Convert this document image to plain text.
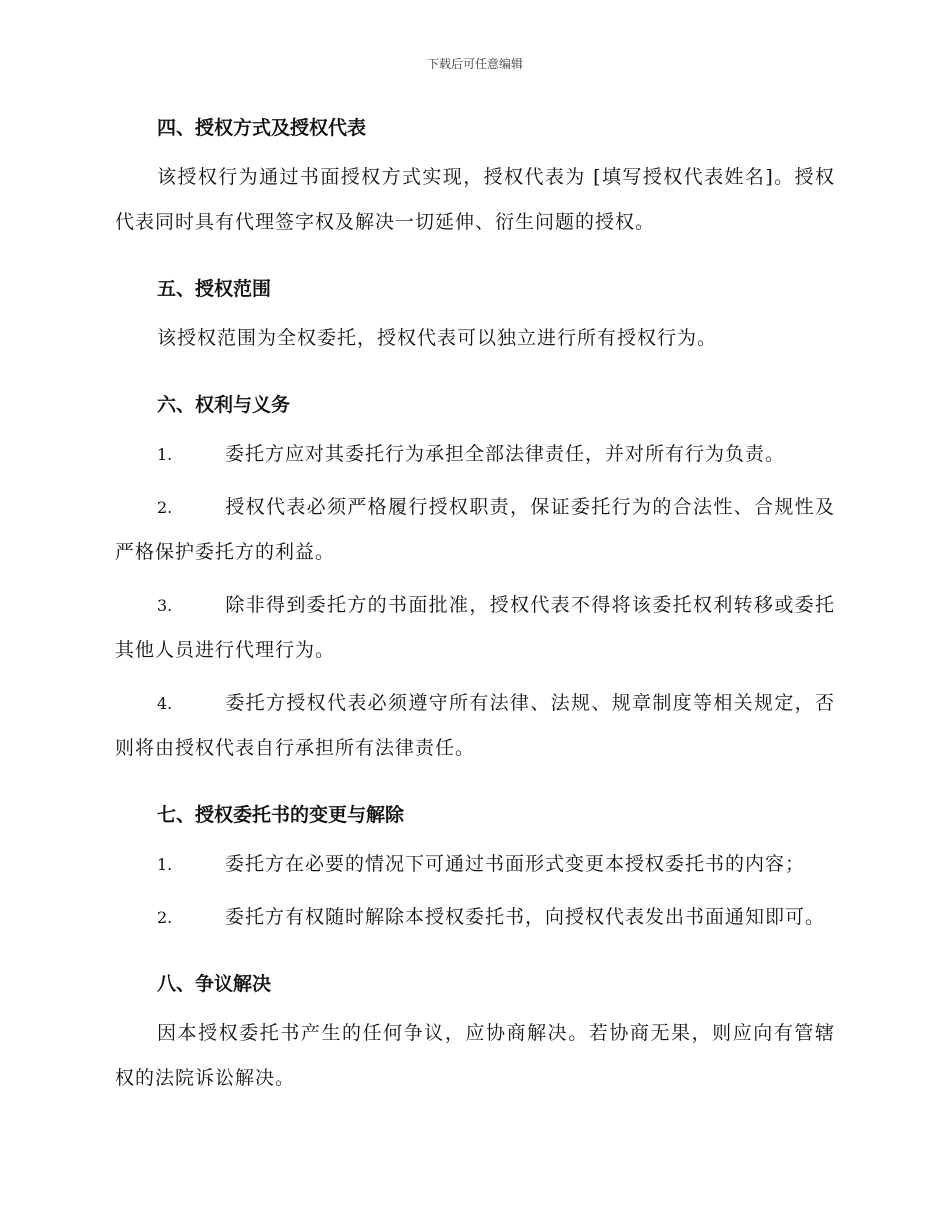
下载后可任意编辑
四、授权方式及授权代表

该授权行为通过书面授权方式实现，授权代表为 [填写授权代表姓名]。授权代表同时具有代理签字权及解决一切延伸、衍生问题的授权。

五、授权范围

该授权范围为全权委托，授权代表可以独立进行所有授权行为。

六、权利与义务

1.	委托方应对其委托行为承担全部法律责任，并对所有行为负责。

2.	授权代表必须严格履行授权职责，保证委托行为的合法性、合规性及严格保护委托方的利益。

3.	除非得到委托方的书面批准，授权代表不得将该委托权利转移或委托其他人员进行代理行为。

4.	委托方授权代表必须遵守所有法律、法规、规章制度等相关规定，否则将由授权代表自行承担所有法律责任。

七、授权委托书的变更与解除

1.	委托方在必要的情况下可通过书面形式变更本授权委托书的内容；

2.	委托方有权随时解除本授权委托书，向授权代表发出书面通知即可。

八、争议解决

因本授权委托书产生的任何争议，应协商解决。若协商无果，则应向有管辖权的法院诉讼解决。
